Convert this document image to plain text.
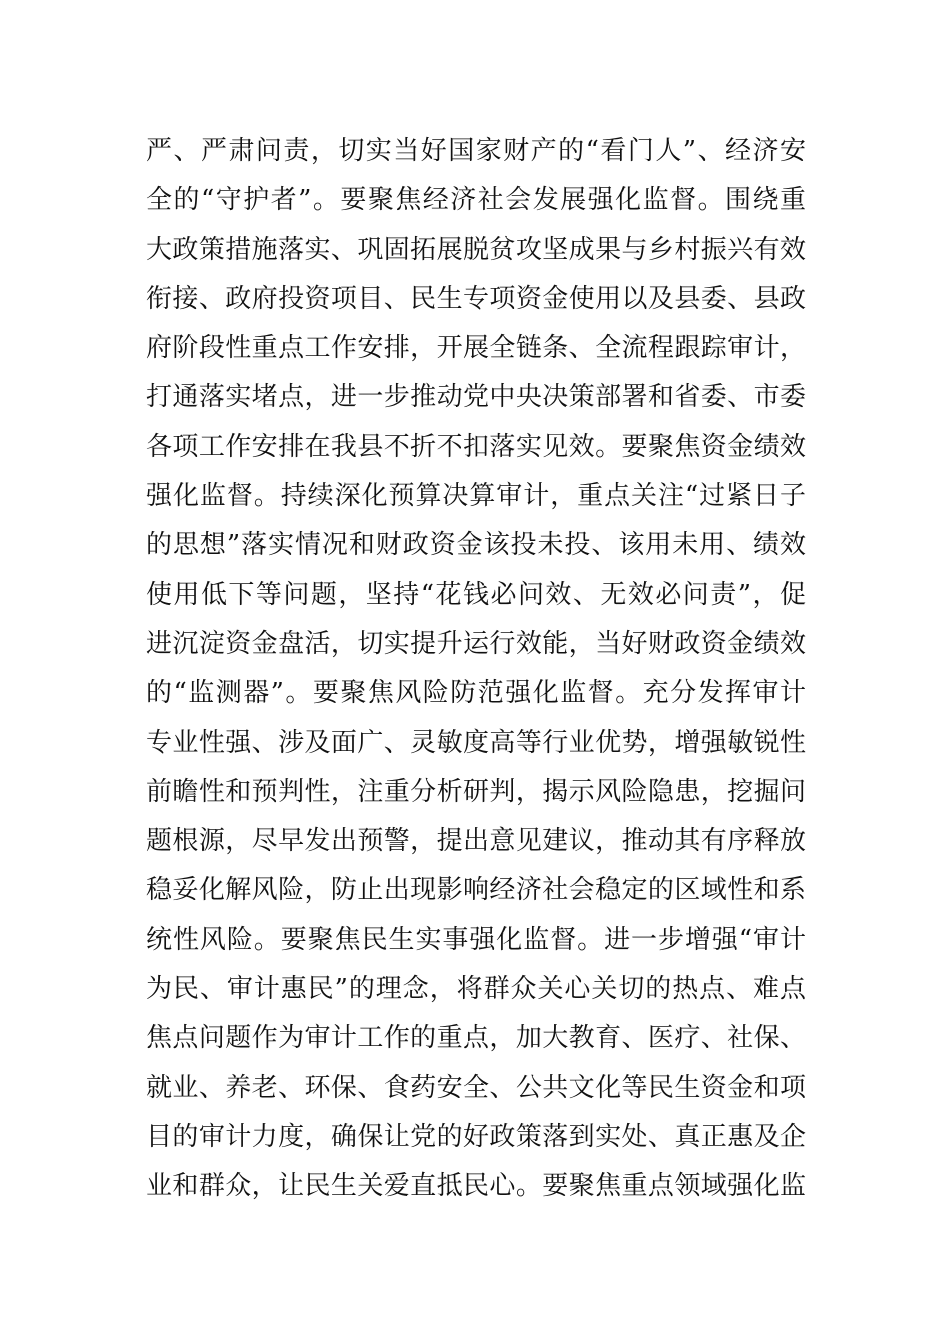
严、严肃问责，切实当好国家财产的“看门人”、经济安
全的“守护者”。要聚焦经济社会发展强化监督。围绕重
大政策措施落实、巩固拓展脱贫攻坚成果与乡村振兴有效
衔接、政府投资项目、民生专项资金使用以及县委、县政
府阶段性重点工作安排，开展全链条、全流程跟踪审计，
打通落实堵点，进一步推动党中央决策部署和省委、市委
各项工作安排在我县不折不扣落实见效。要聚焦资金绩效
强化监督。持续深化预算决算审计，重点关注“过紧日子
的思想”落实情况和财政资金该投未投、该用未用、绩效
使用低下等问题，坚持“花钱必问效、无效必问责”，促
进沉淀资金盘活，切实提升运行效能，当好财政资金绩效
的“监测器”。要聚焦风险防范强化监督。充分发挥审计
专业性强、涉及面广、灵敏度高等行业优势，增强敏锐性
前瞻性和预判性，注重分析研判，揭示风险隐患，挖掘问
题根源，尽早发出预警，提出意见建议，推动其有序释放
稳妥化解风险，防止出现影响经济社会稳定的区域性和系
统性风险。要聚焦民生实事强化监督。进一步增强“审计
为民、审计惠民”的理念，将群众关心关切的热点、难点
焦点问题作为审计工作的重点，加大教育、医疗、社保、
就业、养老、环保、食药安全、公共文化等民生资金和项
目的审计力度，确保让党的好政策落到实处、真正惠及企
业和群众，让民生关爱直抵民心。要聚焦重点领域强化监
